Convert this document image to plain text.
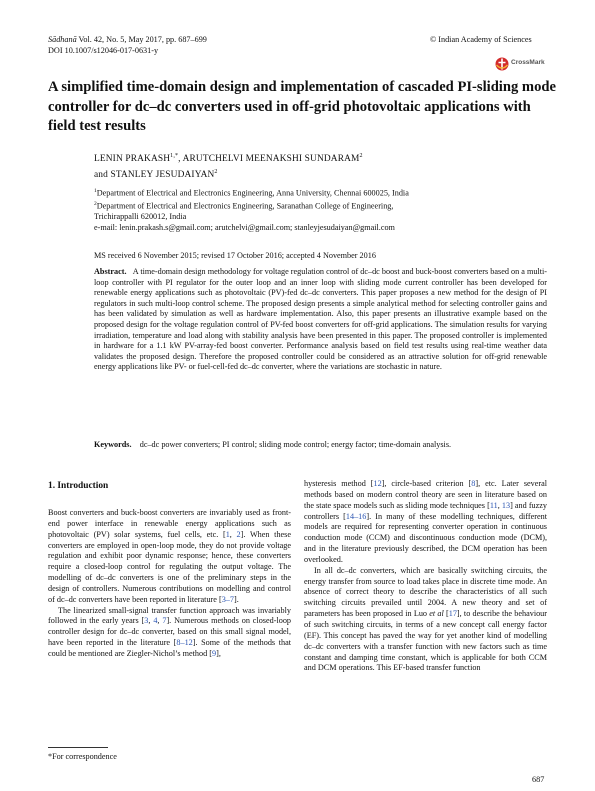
Sādhanā Vol. 42, No. 5, May 2017, pp. 687–699
DOI 10.1007/s12046-017-0631-y
© Indian Academy of Sciences
CrossMark
A simplified time-domain design and implementation of cascaded PI-sliding mode controller for dc–dc converters used in off-grid photovoltaic applications with field test results
LENIN $PRAKASH^{1,*}$, ARUTCHELVI MEENAKSHI SUNDARAM$^2$
and STANLEY JESUDAIYAN$^2$

$^1$Department of Electrical and Electronics Engineering, Anna University, Chennai 600025, India

$^2$Department of Electrical and Electronics Engineering, Saranathan College of Engineering,

Trichirappalli 620012, India

e-mail: lenin.prakash.s@gmail.com; arutchelvi@gmail.com; stanleyjesudaiyan@gmail.com

MS received 6 November 2015; revised 17 October 2016; accepted 4 November 2016
Abstract. A time-domain design methodology for voltage regulation control of dc–dc boost and buck-boost converters based on a multi-loop controller with PI regulator for the outer loop and an inner loop with sliding mode current controller has been developed for renewable energy applications such as photovoltaic (PV)-fed dc–dc converters. This paper proposes a new method for the design of PI regulators in such multi-loop control scheme. The proposed design presents a simple analytical method for selecting controller gains and has been validated by simulation as well as hardware implementation. Also, this paper presents an illustrative example based on the proposed design for the voltage regulation control of PV-fed boost converters for off-grid applications. The simulation results for varying irradiation, temperature and load along with stability analysis have been presented in this paper. The proposed controller is implemented in hardware for a 1.1 kW PV-array-fed boost converter. Performance analysis based on field test results using real-time weather data validates the proposed design. Therefore the proposed controller could be considered as an attractive solution for off-grid renewable energy applications like PV- or fuel-cell-fed dc–dc converter, where the variations are stochastic in nature.
Keywords. dc–dc power converters; PI control; sliding mode control; energy factor; time-domain analysis.
1. Introduction

Boost converters and buck-boost converters are invariably used as front-end power interface in renewable energy applications such as photovoltaic (PV) solar systems, fuel cells, etc. [1, 2]. When these converters are employed in open-loop mode, they do not provide voltage regulation and exhibit poor dynamic response; hence, these converters require a closed-loop control for regulating the output voltage. The modelling of dc–dc converters is one of the preliminary steps in the design of controllers. Numerous contributions on modelling and control of dc–dc converters have been reported in literature [3–7].

The linearized small-signal transfer function approach was invariably followed in the early years [3, 4, 7]. Numerous methods on closed-loop controller design for dc–dc converter, based on this small signal model, have been reported in the literature [8–12]. Some of the methods that could be mentioned are Ziegler-Nichol’s method [9],

hysteresis method [12], circle-based criterion [8], etc. Later several methods based on modern control theory are seen in literature based on the state space models such as sliding mode techniques [11, 13] and fuzzy controllers [14–16]. In many of these modelling techniques, different models are required for representing converter operation in continuous conduction mode (CCM) and discontinuous conduction mode (DCM), and in the literature previously described, the DCM operation has been overlooked.

In all dc–dc converters, which are basically switching circuits, the energy transfer from source to load takes place in discrete time mode. An absence of correct theory to describe the characteristics of all such switching circuits prevailed until 2004. A new theory and set of parameters has been proposed in Luo et al [17], to describe the behaviour of such switching circuits, in terms of a new concept call energy factor (EF). This concept has paved the way for yet another kind of modelling dc–dc converters with a transfer function with new factors such as time constant and damping time constant, which is applicable for both CCM and DCM operations. This EF-based transfer function

*For correspondence
687
